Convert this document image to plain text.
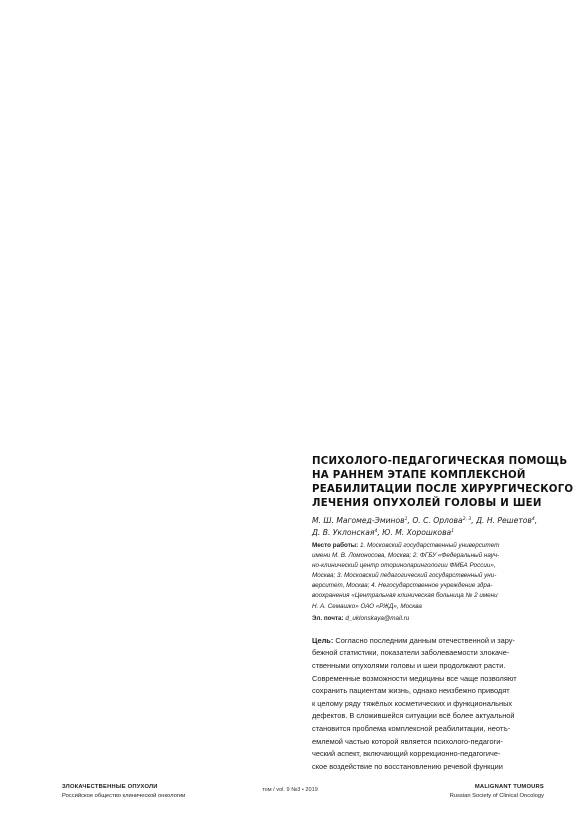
ПСИХОЛОГО-ПЕДАГОГИЧЕСКАЯ ПОМОЩЬ
НА РАННЕМ ЭТАПЕ КОМПЛЕКСНОЙ
РЕАБИЛИТАЦИИ ПОСЛЕ ХИРУРГИЧЕСКОГО
ЛЕЧЕНИЯ ОПУХОЛЕЙ ГОЛОВЫ И ШЕИ
М. Ш. Магомед-Эминов$^1$, О. С. Орлова$^{2, 3}$, Д. Н. Решетов$^4$,
Д. В. Уклонская$^4$, Ю. М. Хорошкова$^1$
Место работы: 1. Московский государственный университет
имени М. В. Ломоносова, Москва; 2. ФГБУ «Федеральный науч-
но-клинический центр оториноларингологии ФМБА России»,
Москва; 3. Московский педагогический государственный уни-
верситет, Москва; 4. Негосударственное учреждение здра-
воохранения «Центральная клиническая больница № 2 имени
Н. А. Семашко» ОАО «РЖД», Москва
Эл. почта: d_uklonskaya@mail.ru
Цель: Согласно последним данным отечественной и зару-
бежной статистики, показатели заболеваемости злокаче-
ственными опухолями головы и шеи продолжают расти.
Современные возможности медицины все чаще позволяют
сохранить пациентам жизнь, однако неизбежно приводят
к целому ряду тяжёлых косметических и функциональных
дефектов. В сложившейся ситуации всё более актуальной
становится проблема комплексной реабилитации, неотъ-
емлемой частью которой является психолого-педагоги-
ческий аспект, включающий коррекционно-педагогиче-
ское воздействие по восстановлению речевой функции
ЗЛОКАЧЕСТВЕННЫЕ ОПУХОЛИ
Российское общество клинической онкологии
том / vol. 9 №3 • 2019	MALIGNANT TUMOURS
Russian Society of Clinical Oncology
